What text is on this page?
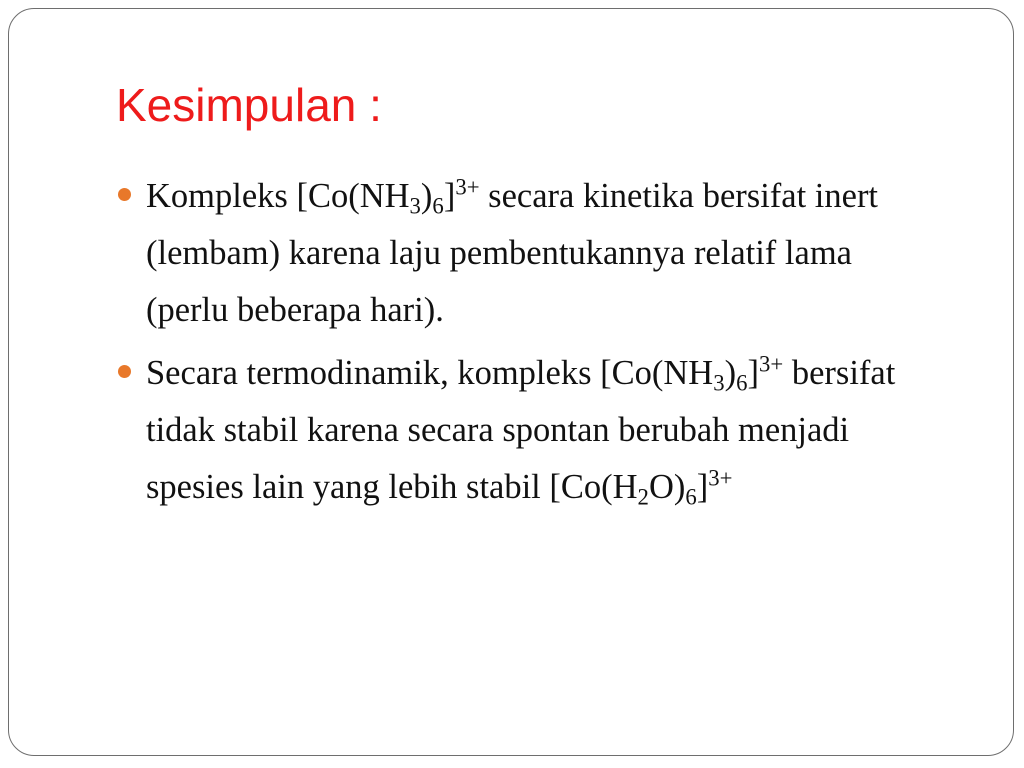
Kesimpulan :
Kompleks $[Co(NH_3)_6]^{3+}$ secara kinetika bersifat inert (lembam) karena laju pembentukannya relatif lama (perlu beberapa hari).
Secara termodinamik, kompleks $[Co(NH_3)_6]^{3+}$ bersifat tidak stabil karena secara spontan berubah menjadi spesies lain yang lebih stabil $[Co(H_2O)_6]^{3+}$
